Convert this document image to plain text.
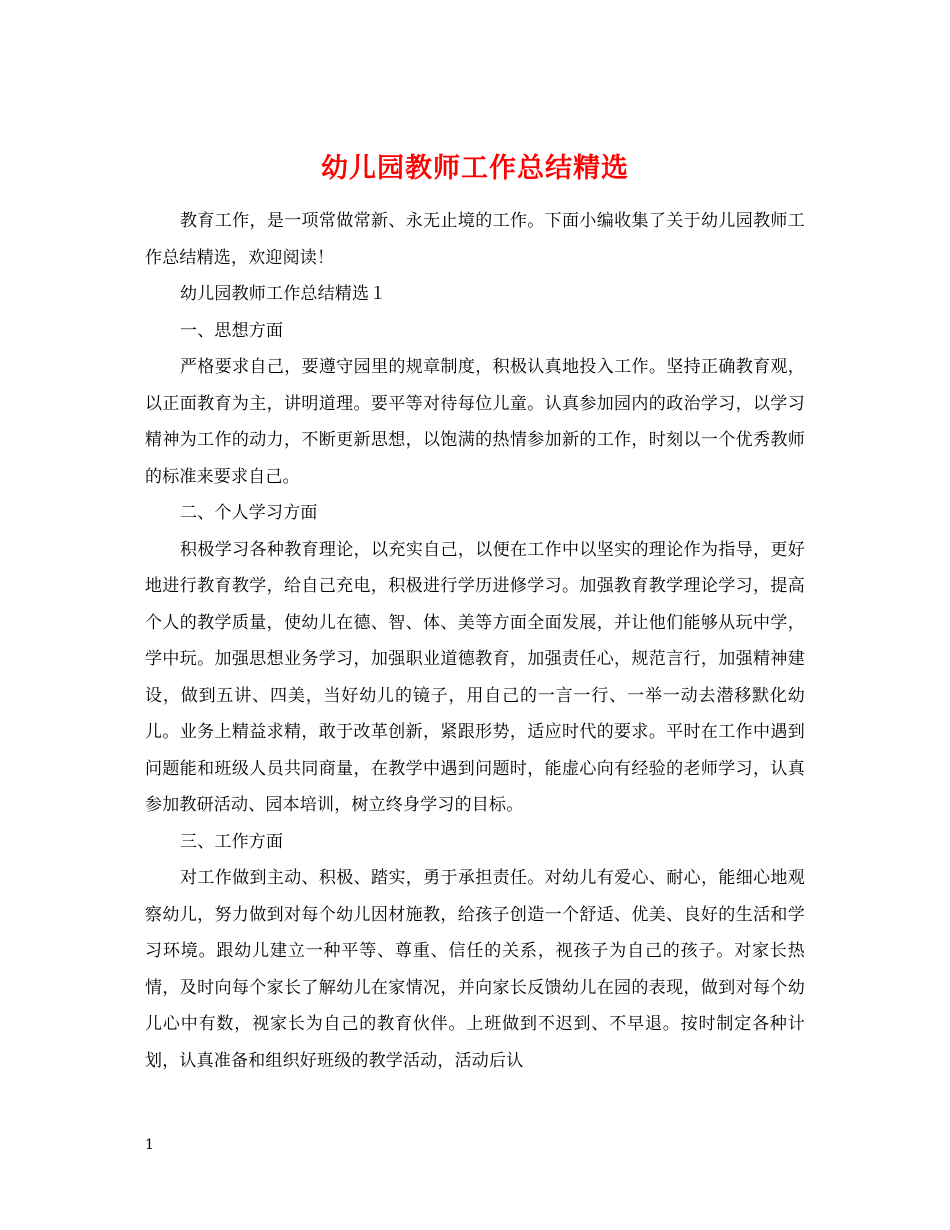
幼儿园教师工作总结精选

教育工作，是一项常做常新、永无止境的工作。下面小编收集了关于幼儿园教师工作总结精选，欢迎阅读！

幼儿园教师工作总结精选１

一、思想方面

严格要求自己，要遵守园里的规章制度，积极认真地投入工作。坚持正确教育观，以正面教育为主，讲明道理。要平等对待每位儿童。认真参加园内的政治学习，以学习精神为工作的动力，不断更新思想，以饱满的热情参加新的工作，时刻以一个优秀教师的标准来要求自己。

二、个人学习方面

积极学习各种教育理论，以充实自己，以便在工作中以坚实的理论作为指导，更好地进行教育教学，给自己充电，积极进行学历进修学习。加强教育教学理论学习，提高个人的教学质量，使幼儿在德、智、体、美等方面全面发展，并让他们能够从玩中学，学中玩。加强思想业务学习，加强职业道德教育，加强责任心，规范言行，加强精神建设，做到五讲、四美，当好幼儿的镜子，用自己的一言一行、一举一动去潜移默化幼儿。业务上精益求精，敢于改革创新，紧跟形势，适应时代的要求。平时在工作中遇到问题能和班级人员共同商量，在教学中遇到问题时，能虚心向有经验的老师学习，认真参加教研活动、园本培训，树立终身学习的目标。

三、工作方面

对工作做到主动、积极、踏实，勇于承担责任。对幼儿有爱心、耐心，能细心地观察幼儿，努力做到对每个幼儿因材施教，给孩子创造一个舒适、优美、良好的生活和学习环境。跟幼儿建立一种平等、尊重、信任的关系，视孩子为自己的孩子。对家长热情，及时向每个家长了解幼儿在家情况，并向家长反馈幼儿在园的表现，做到对每个幼儿心中有数，视家长为自己的教育伙伴。上班做到不迟到、不早退。按时制定各种计划，认真准备和组织好班级的教学活动，活动后认

1
